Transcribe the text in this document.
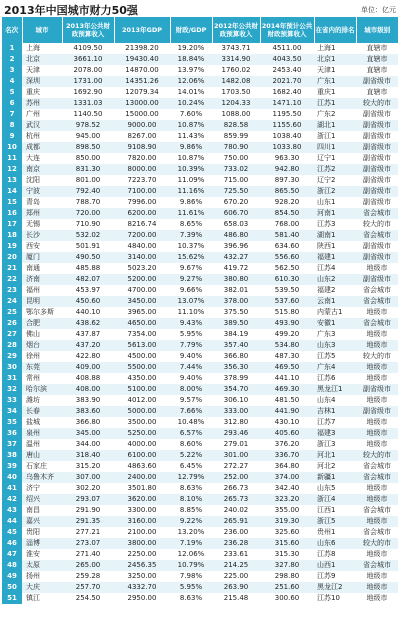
2013年中国城市财力50强	单位：亿元
名次	城市	2013年公共财政预算收入	2013年GDP	财政/GDP	2012年公共财政预算收入	2014年预计公共财政预算收入	在省内的排名	城市级别
1	上海	4109.50	21398.20	19.20%	3743.71	4511.00	上海1	直辖市
2	北京	3661.10	19430.40	18.84%	3314.90	4043.50	北京1	直辖市
3	天津	2078.00	14870.00	13.97%	1760.02	2453.40	天津1	直辖市
4	深圳	1731.00	14351.26	12.06%	1482.08	2021.70	广东1	副省级市
5	重庆	1692.90	12079.34	14.01%	1703.50	1682.40	重庆1	直辖市
6	苏州	1331.03	13000.00	10.24%	1204.33	1471.10	江苏1	较大的市
7	广州	1140.50	15000.00	7.60%	1088.00	1195.50	广东2	副省级市
8	武汉	978.52	9000.00	10.87%	828.58	1155.60	湖北1	副省级市
9	杭州	945.00	8267.00	11.43%	859.99	1038.40	浙江1	副省级市
10	成都	898.50	9108.90	9.86%	780.90	1033.80	四川1	副省级市
11	大连	850.00	7820.00	10.87%	750.00	963.30	辽宁1	副省级市
12	南京	831.30	8000.00	10.39%	733.02	942.80	江苏2	副省级市
13	沈阳	801.00	7223.70	11.09%	715.00	897.30	辽宁2	副省级市
14	宁波	792.40	7100.00	11.16%	725.50	865.50	浙江2	副省级市
15	青岛	788.70	7996.00	9.86%	670.20	928.20	山东1	副省级市
16	郑州	720.00	6200.00	11.61%	606.70	854.50	河南1	省会城市
17	无锡	710.90	8216.74	8.65%	658.03	768.00	江苏3	较大的市
18	长沙	532.02	7200.00	7.39%	486.80	581.40	湖南1	省会城市
19	西安	501.91	4840.00	10.37%	396.96	634.60	陕西1	副省级市
20	厦门	490.50	3140.00	15.62%	432.27	556.60	福建1	副省级市
21	南通	485.88	5023.20	9.67%	419.72	562.50	江苏4	地级市
22	济南	482.07	5200.00	9.27%	380.80	610.30	山东2	副省级市
23	福州	453.97	4700.00	9.66%	382.01	539.50	福建2	省会城市
24	昆明	450.60	3450.00	13.07%	378.00	537.60	云南1	省会城市
25	鄂尔多斯	440.10	3965.00	11.10%	375.50	515.80	内蒙古1	地级市
26	合肥	438.62	4650.00	9.43%	389.50	493.90	安徽1	省会城市
27	佛山	437.87	7354.00	5.95%	384.19	499.20	广东3	地级市
28	烟台	437.20	5613.00	7.79%	357.40	534.80	山东3	地级市
29	徐州	422.80	4500.00	9.40%	366.80	487.30	江苏5	较大的市
30	东莞	409.00	5500.00	7.44%	356.30	469.50	广东4	地级市
31	常州	408.88	4350.00	9.40%	378.99	441.10	江苏6	地级市
32	哈尔滨	408.00	5100.00	8.00%	354.70	469.30	黑龙江1	副省级市
33	潍坊	383.90	4012.00	9.57%	306.10	481.50	山东4	地级市
34	长春	383.60	5000.00	7.66%	333.00	441.90	吉林1	副省级市
35	盐城	366.80	3500.00	10.48%	312.80	430.10	江苏7	地级市
36	泉州	345.00	5250.00	6.57%	293.46	405.60	福建3	地级市
37	温州	344.00	4000.00	8.60%	279.01	376.20	浙江3	地级市
38	唐山	318.40	6100.00	5.22%	301.00	336.70	河北1	较大的市
39	石家庄	315.20	4863.60	6.45%	272.27	364.80	河北2	省会城市
40	乌鲁木齐	307.00	2400.00	12.79%	252.00	374.00	新疆1	省会城市
41	济宁	302.20	3501.80	8.63%	266.73	342.40	山东5	地级市
42	绍兴	293.07	3620.00	8.10%	265.73	323.20	浙江4	地级市
43	南昌	291.90	3300.00	8.85%	240.02	355.00	江西1	省会城市
44	嘉兴	291.35	3160.00	9.22%	265.91	319.30	浙江5	地级市
45	贵阳	277.21	2100.00	13.20%	236.00	325.60	贵州1	省会城市
46	淄博	273.07	3800.00	7.19%	236.28	315.60	山东6	较大的市
47	淮安	271.40	2250.00	12.06%	233.61	315.30	江苏8	地级市
48	太原	265.00	2456.35	10.79%	214.25	327.80	山西1	省会城市
49	扬州	259.28	3250.00	7.98%	225.00	298.80	江苏9	地级市
50	大庆	257.70	4332.70	5.95%	263.90	251.60	黑龙江2	地级市
51	镇江	254.50	2950.00	8.63%	215.48	300.60	江苏10	地级市
